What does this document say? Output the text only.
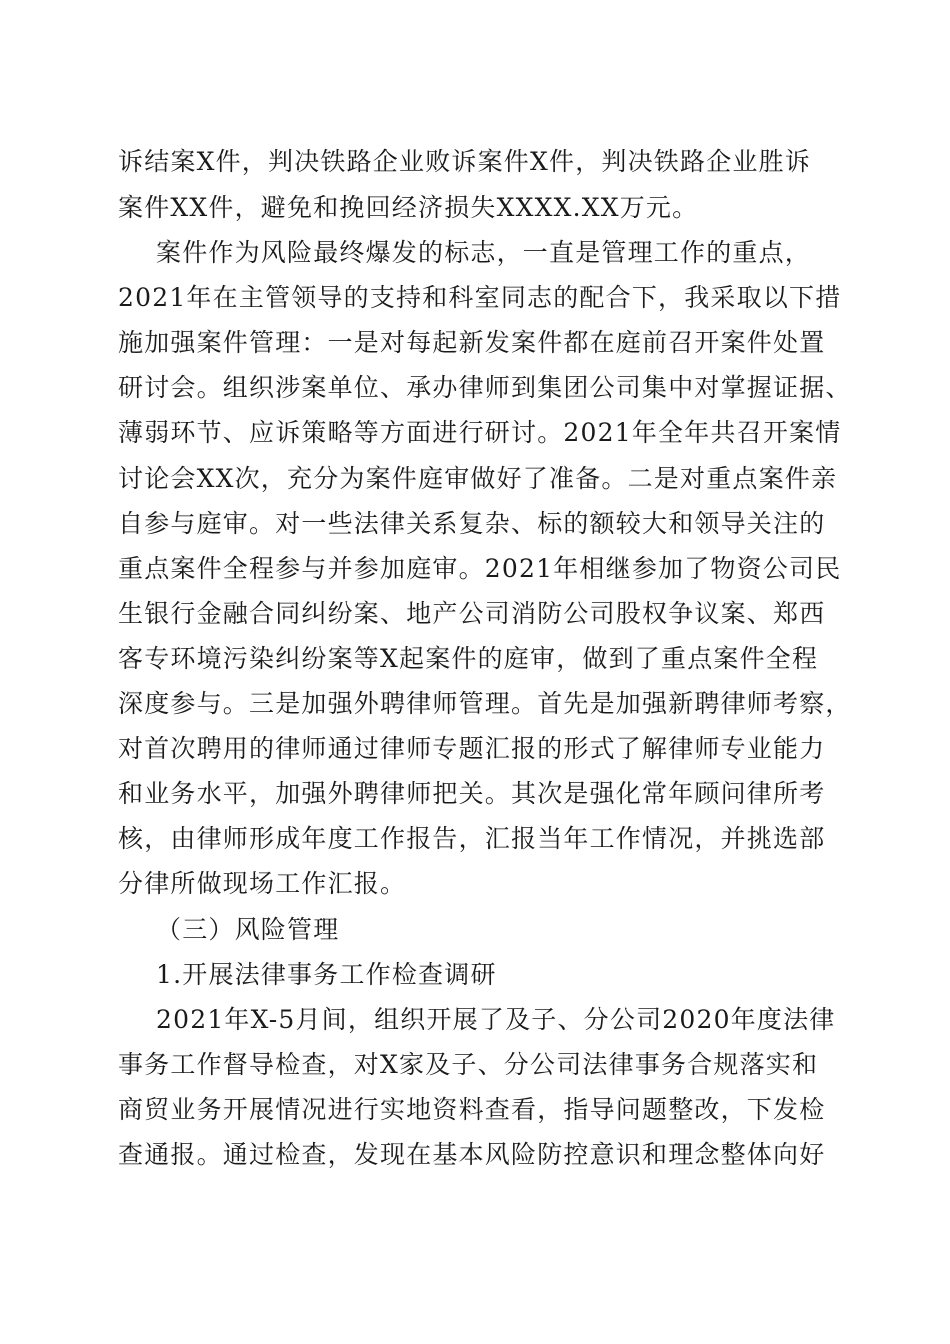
诉结案X件，判决铁路企业败诉案件X件，判决铁路企业胜诉
案件XX件，避免和挽回经济损失XXXX.XX万元。
案件作为风险最终爆发的标志，一直是管理工作的重点，
2021年在主管领导的支持和科室同志的配合下，我采取以下措
施加强案件管理：一是对每起新发案件都在庭前召开案件处置
研讨会。组织涉案单位、承办律师到集团公司集中对掌握证据、
薄弱环节、应诉策略等方面进行研讨。2021年全年共召开案情
讨论会XX次，充分为案件庭审做好了准备。二是对重点案件亲
自参与庭审。对一些法律关系复杂、标的额较大和领导关注的
重点案件全程参与并参加庭审。2021年相继参加了物资公司民
生银行金融合同纠纷案、地产公司消防公司股权争议案、郑西
客专环境污染纠纷案等X起案件的庭审，做到了重点案件全程
深度参与。三是加强外聘律师管理。首先是加强新聘律师考察，
对首次聘用的律师通过律师专题汇报的形式了解律师专业能力
和业务水平，加强外聘律师把关。其次是强化常年顾问律所考
核，由律师形成年度工作报告，汇报当年工作情况，并挑选部
分律所做现场工作汇报。
（三）风险管理
1.开展法律事务工作检查调研
2021年X-5月间，组织开展了及子、分公司2020年度法律
事务工作督导检查，对X家及子、分公司法律事务合规落实和
商贸业务开展情况进行实地资料查看，指导问题整改，下发检
查通报。通过检查，发现在基本风险防控意识和理念整体向好
